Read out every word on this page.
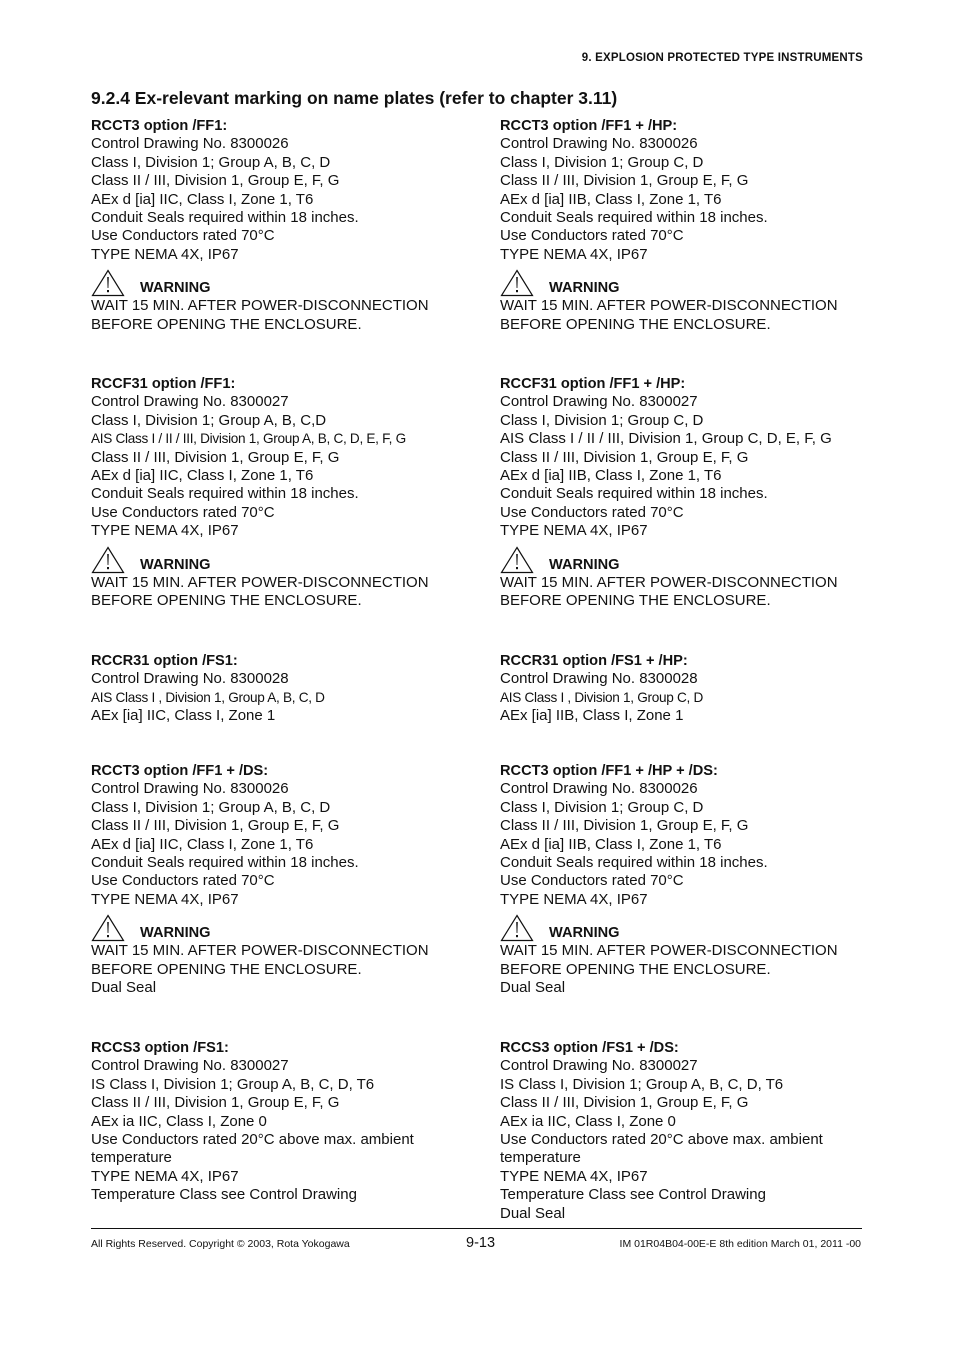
9. EXPLOSION PROTECTED TYPE INSTRUMENTS
9.2.4 Ex-relevant marking on name plates (refer to chapter 3.11)
RCCT3 option /FF1:
Control Drawing No. 8300026
Class I, Division 1; Group A, B, C, D
Class II / III, Division 1, Group E, F, G
AEx d [ia] IIC, Class I, Zone 1, T6
Conduit Seals required within 18 inches.
Use Conductors rated 70°C
TYPE NEMA 4X, IP67
WARNING
WAIT 15 MIN. AFTER POWER-DISCONNECTION
BEFORE OPENING THE ENCLOSURE.
RCCF31 option /FF1:
Control Drawing No. 8300027
Class I, Division 1; Group A, B, C,D
AIS Class I / II / III, Division 1, Group A, B, C, D, E, F, G
Class II / III, Division 1, Group E, F, G
AEx d [ia] IIC, Class I, Zone 1, T6
Conduit Seals required within 18 inches.
Use Conductors rated 70°C
TYPE NEMA 4X, IP67
WARNING
WAIT 15 MIN. AFTER POWER-DISCONNECTION
BEFORE OPENING THE ENCLOSURE.
RCCR31 option /FS1:
Control Drawing No. 8300028
AIS Class I , Division 1, Group A, B, C, D
AEx [ia] IIC, Class I, Zone 1
RCCT3 option /FF1 + /DS:
Control Drawing No. 8300026
Class I, Division 1; Group A, B, C, D
Class II / III, Division 1, Group E, F, G
AEx d [ia] IIC, Class I, Zone 1, T6
Conduit Seals required within 18 inches.
Use Conductors rated 70°C
TYPE NEMA 4X, IP67
WARNING
WAIT 15 MIN. AFTER POWER-DISCONNECTION
BEFORE OPENING THE ENCLOSURE.
Dual Seal
RCCS3 option /FS1:
Control Drawing No. 8300027
IS Class I, Division 1; Group A, B, C, D, T6
Class II / III, Division 1, Group E, F, G
AEx ia IIC, Class I, Zone 0
Use Conductors rated 20°C above max. ambient
temperature
TYPE NEMA 4X, IP67
Temperature Class see Control Drawing
RCCT3 option /FF1 + /HP:
Control Drawing No. 8300026
Class I, Division 1; Group C, D
Class II / III, Division 1, Group E, F, G
AEx d [ia] IIB, Class I, Zone 1, T6
Conduit Seals required within 18 inches.
Use Conductors rated 70°C
TYPE NEMA 4X, IP67
WARNING
WAIT 15 MIN. AFTER POWER-DISCONNECTION
BEFORE OPENING THE ENCLOSURE.
RCCF31 option /FF1 + /HP:
Control Drawing No. 8300027
Class I, Division 1; Group C, D
AIS Class I / II / III, Division 1, Group C, D, E, F, G
Class II / III, Division 1, Group E, F, G
AEx d [ia] IIB, Class I, Zone 1, T6
Conduit Seals required within 18 inches.
Use Conductors rated 70°C
TYPE NEMA 4X, IP67
WARNING
WAIT 15 MIN. AFTER POWER-DISCONNECTION
BEFORE OPENING THE ENCLOSURE.
RCCR31 option /FS1 + /HP:
Control Drawing No. 8300028
AIS Class I , Division 1, Group C, D
AEx [ia] IIB, Class I, Zone 1
RCCT3 option /FF1 + /HP + /DS:
Control Drawing No. 8300026
Class I, Division 1; Group C, D
Class II / III, Division 1, Group E, F, G
AEx d [ia] IIB, Class I, Zone 1, T6
Conduit Seals required within 18 inches.
Use Conductors rated 70°C
TYPE NEMA 4X, IP67
WARNING
WAIT 15 MIN. AFTER POWER-DISCONNECTION
BEFORE OPENING THE ENCLOSURE.
Dual Seal
RCCS3 option /FS1 + /DS:
Control Drawing No. 8300027
IS Class I, Division 1; Group A, B, C, D, T6
Class II / III, Division 1, Group E, F, G
AEx ia IIC, Class I, Zone 0
Use Conductors rated 20°C above max. ambient
temperature
TYPE NEMA 4X, IP67
Temperature Class see Control Drawing
Dual Seal
All Rights Reserved. Copyright © 2003, Rota Yokogawa	9-13	IM 01R04B04-00E-E 8th edition March 01, 2011 -00
